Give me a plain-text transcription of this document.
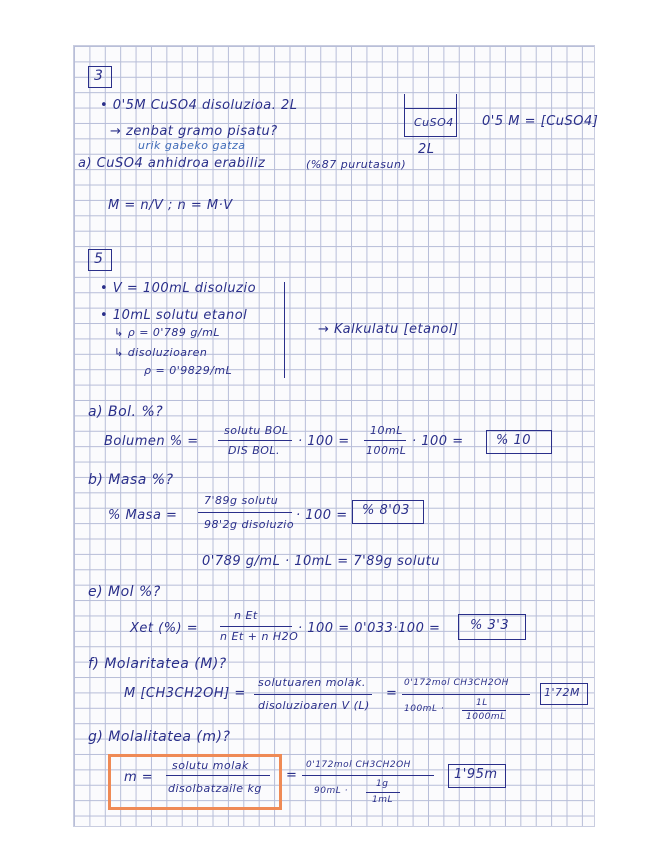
3
• 0'5M CuSO4 disoluzioa. 2L
→ zenbat gramo pisatu?
urik gabeko gatza
CuSO4
2L
0'5 M = [CuSO4]
a) CuSO4 anhidroa erabiliz	(%87 purutasun)
M = n/V ; n = M·V
5
• V = 100mL disoluzio
• 10mL solutu etanol
↳ ρ = 0'789 g/mL
↳ disoluzioaren
ρ = 0'9829/mL
→ Kalkulatu [etanol]
a) Bol. %?
Bolumen % =
solutu BOL
DIS BOL.
· 100 =
10mL
100mL
· 100 = % 10
b) Masa %?
% Masa =
7'89g solutu
98'2g disoluzio
· 100 = % 8'03
0'789 g/mL · 10mL = 7'89g solutu
e) Mol %?
Xet (%) =
n Et
n Et + n H2O
· 100 = 0'033·100 = % 3'3
f) Molaritatea (M)?
M [CH3CH2OH] =
solutuaren molak.
disoluzioaren V (L)
=
0'172mol CH3CH2OH
100mL ·
1L
1000mL
1'72M
g) Molalitatea (m)?
m =
solutu molak
disolbatzaile kg
=
0'172mol CH3CH2OH
90mL ·
1g
1mL
1'95m
